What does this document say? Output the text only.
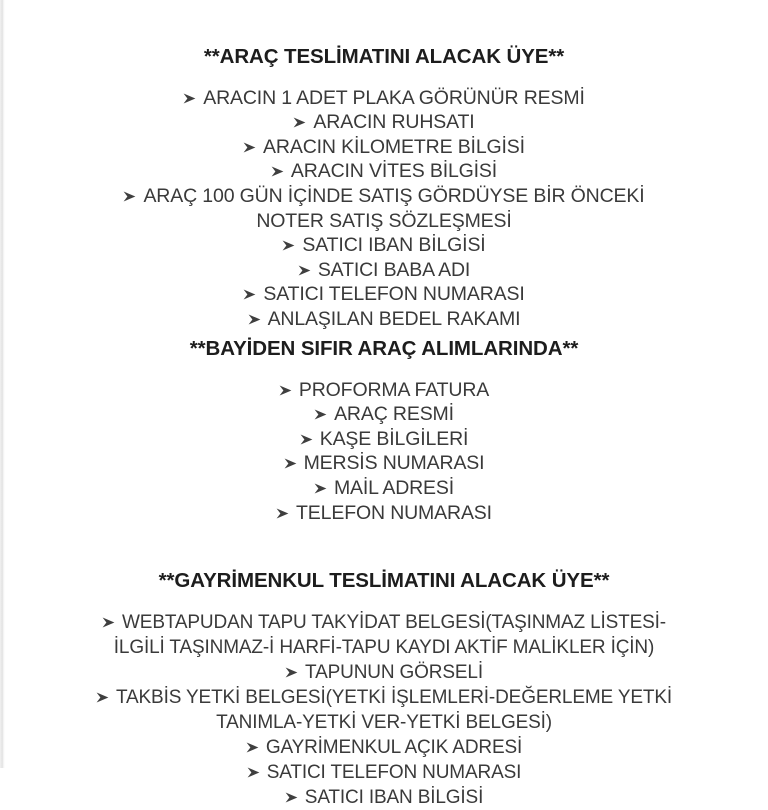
**ARAÇ TESLİMATINI ALACAK ÜYE**
ARACIN 1 ADET PLAKA GÖRÜNÜR RESMİ
ARACIN RUHSATI
ARACIN KİLOMETRE BİLGİSİ
ARACIN VİTES BİLGİSİ
ARAÇ 100 GÜN İÇİNDE SATIŞ GÖRDÜYSE BİR ÖNCEKİ
NOTER SATIŞ SÖZLEŞMESİ
SATICI IBAN BİLGİSİ
SATICI BABA ADI
SATICI TELEFON NUMARASI
ANLAŞILAN BEDEL RAKAMI
**BAYİDEN SIFIR ARAÇ ALIMLARINDA**
PROFORMA FATURA
ARAÇ RESMİ
KAŞE BİLGİLERİ
MERSİS NUMARASI
MAİL ADRESİ
TELEFON NUMARASI
**GAYRİMENKUL TESLİMATINI ALACAK ÜYE**
WEBTAPUDAN TAPU TAKYİDAT BELGESİ(TAŞINMAZ LİSTESİ-
İLGİLİ TAŞINMAZ-İ HARFİ-TAPU KAYDI AKTİF MALİKLER İÇİN)
TAPUNUN GÖRSELİ
TAKBİS YETKİ BELGESİ(YETKİ İŞLEMLERİ-DEĞERLEME YETKİ
TANIMLA-YETKİ VER-YETKİ BELGESİ)
GAYRİMENKUL AÇIK ADRESİ
SATICI TELEFON NUMARASI
SATICI IBAN BİLGİSİ
